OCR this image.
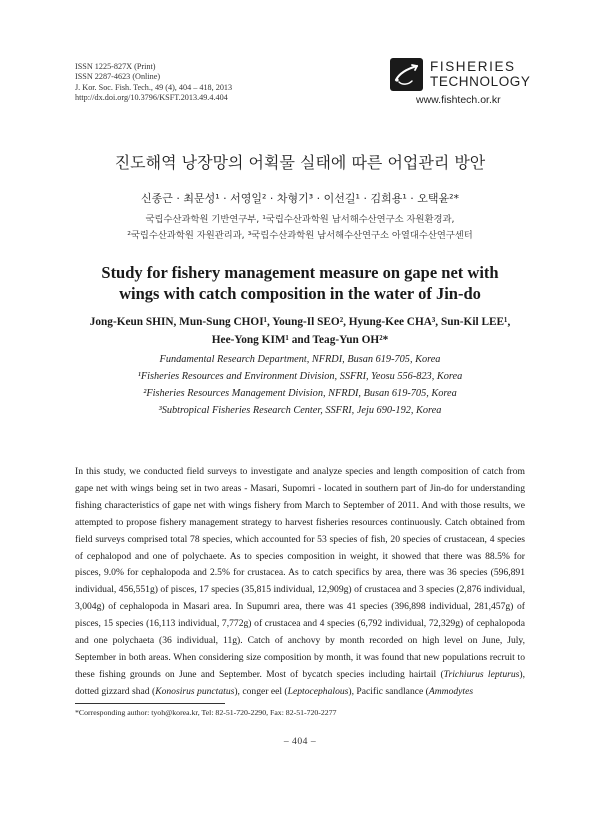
ISSN 1225-827X (Print)
ISSN 2287-4623 (Online)
J. Kor. Soc. Fish. Tech., 49 (4), 404 – 418, 2013
http://dx.doi.org/10.3796/KSFT.2013.49.4.404
FISHERIES
TECHNOLOGY
www.fishtech.or.kr
진도해역 낭장망의 어획물 실태에 따른 어업관리 방안
신종근 · 최문성¹ · 서영일² · 차형기³ · 이선길¹ · 김희용¹ · 오택윤²*
국립수산과학원 기반연구부, ¹국립수산과학원 남서해수산연구소 자원환경과,
²국립수산과학원 자원관리과, ³국립수산과학원 남서해수산연구소 아열대수산연구센터
Study for fishery management measure on gape net with
wings with catch composition in the water of Jin-do
Jong-Keun SHIN, Mun-Sung CHOI¹, Young-Il SEO², Hyung-Kee CHA³, Sun-Kil LEE¹,
Hee-Yong KIM¹ and Teag-Yun OH²*
Fundamental Research Department, NFRDI, Busan 619-705, Korea
¹Fisheries Resources and Environment Division, SSFRI, Yeosu 556-823, Korea
²Fisheries Resources Management Division, NFRDI, Busan 619-705, Korea
³Subtropical Fisheries Research Center, SSFRI, Jeju 690-192, Korea

In this study, we conducted field surveys to investigate and analyze species and length composition of catch from gape net with wings being set in two areas - Masari, Supomri - located in southern part of Jin-do for understanding fishing characteristics of gape net with wings fishery from March to September of 2011. And with those results, we attempted to propose fishery management strategy to harvest fisheries resources continuously. Catch obtained from field surveys comprised total 78 species, which accounted for 53 species of fish, 20 species of crustacean, 4 species of cephalopod and one of polychaete. As to species composition in weight, it showed that there was 88.5% for pisces, 9.0% for cephalopoda and 2.5% for crustacea. As to catch specifics by area, there was 36 species (596,891 individual, 456,551g) of pisces, 17 species (35,815 individual, 12,909g) of crustacea and 3 species (2,876 individual, 3,004g) of cephalopoda in Masari area. In Supumri area, there was 41 species (396,898 individual, 281,457g) of pisces, 15 species (16,113 individual, 7,772g) of crustacea and 4 species (6,792 individual, 72,329g) of cephalopoda and one polychaeta (36 individual, 11g). Catch of anchovy by month recorded on high level on June, July, September in both areas. When considering size composition by month, it was found that new populations recruit to these fishing grounds on June and September. Most of bycatch species including hairtail (Trichiurus lepturus), dotted gizzard shad (Konosirus punctatus), conger eel (Leptocephalous), Pacific sandlance (Ammodytes

*Corresponding author: tyoh@korea.kr, Tel: 82-51-720-2290, Fax: 82-51-720-2277
– 404 –
